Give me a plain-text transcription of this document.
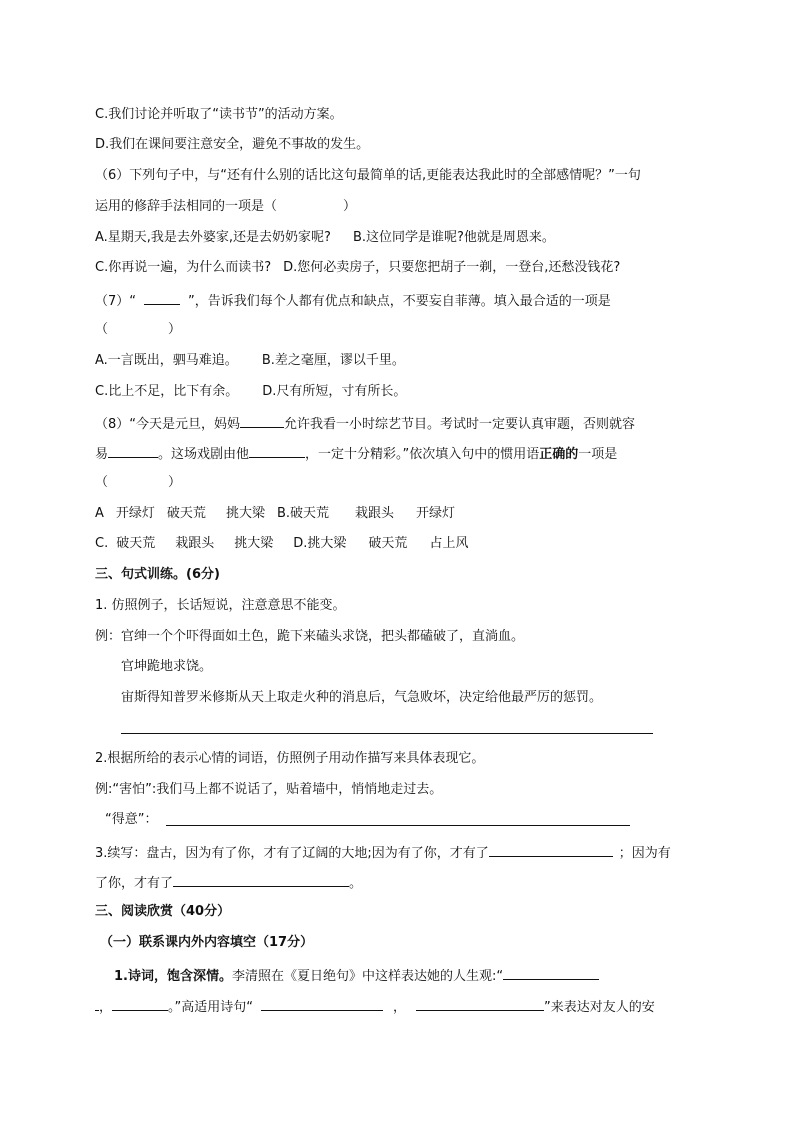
C.我们讨论并听取了“读书节”的活动方案。
D.我们在课间要注意安全，避免不事故的发生。
（6）下列句子中，与“还有什么别的话比这句最简单的话,更能表达我此时的全部感情呢？”一句
运用的修辞手法相同的一项是（	）
A.星期天,我是去外婆家,还是去奶奶家呢? B.这位同学是谁呢?他就是周恩来。
C.你再说一遍，为什么而读书? D.您何必卖房子，只要您把胡子一剃，一登台,还愁没钱花?
（7）“	”，告诉我们每个人都有优点和缺点，不要妄自菲薄。填入最合适的一项是
（	）
A.一言既出，驷马难追。 B.差之毫厘，谬以千里。
C.比上不足，比下有余。 D.尺有所短，寸有所长。
（8）“今天是元旦，妈妈	允许我看一小时综艺节目。考试时一定要认真审题，否则就容
易	。这场戏剧由他	，一定十分精彩。”依次填入句中的惯用语正确的一项是
（	）
A 开绿灯 破天荒 挑大梁 B.破天荒 栽跟头 开绿灯
C. 破天荒 栽跟头 挑大梁 D.挑大梁 破天荒 占上风
三、句式训练。(6分)
1. 仿照例子，长话短说，注意意思不能变。
例：官绅一个个吓得面如土色，跪下来磕头求饶，把头都磕破了，直淌血。
官坤跪地求饶。
宙斯得知普罗米修斯从天上取走火种的消息后，气急败坏，决定给他最严厉的惩罚。
2.根据所给的表示心情的词语，仿照例子用动作描写来具体表现它。
例:“害怕”:我们马上都不说话了，贴着墙中，悄悄地走过去。
“得意”：
3.续写：盘古，因为有了你，才有了辽阔的大地;因为有了你，才有了	；因为有
了你，才有了	。
三、阅读欣赏（40分）
（一）联系课内外内容填空（17分）
1.诗词，饱含深情。李清照在《夏日绝句》中这样表达她的人生观:“
，	。”高适用诗句“	，	”来表达对友人的安
